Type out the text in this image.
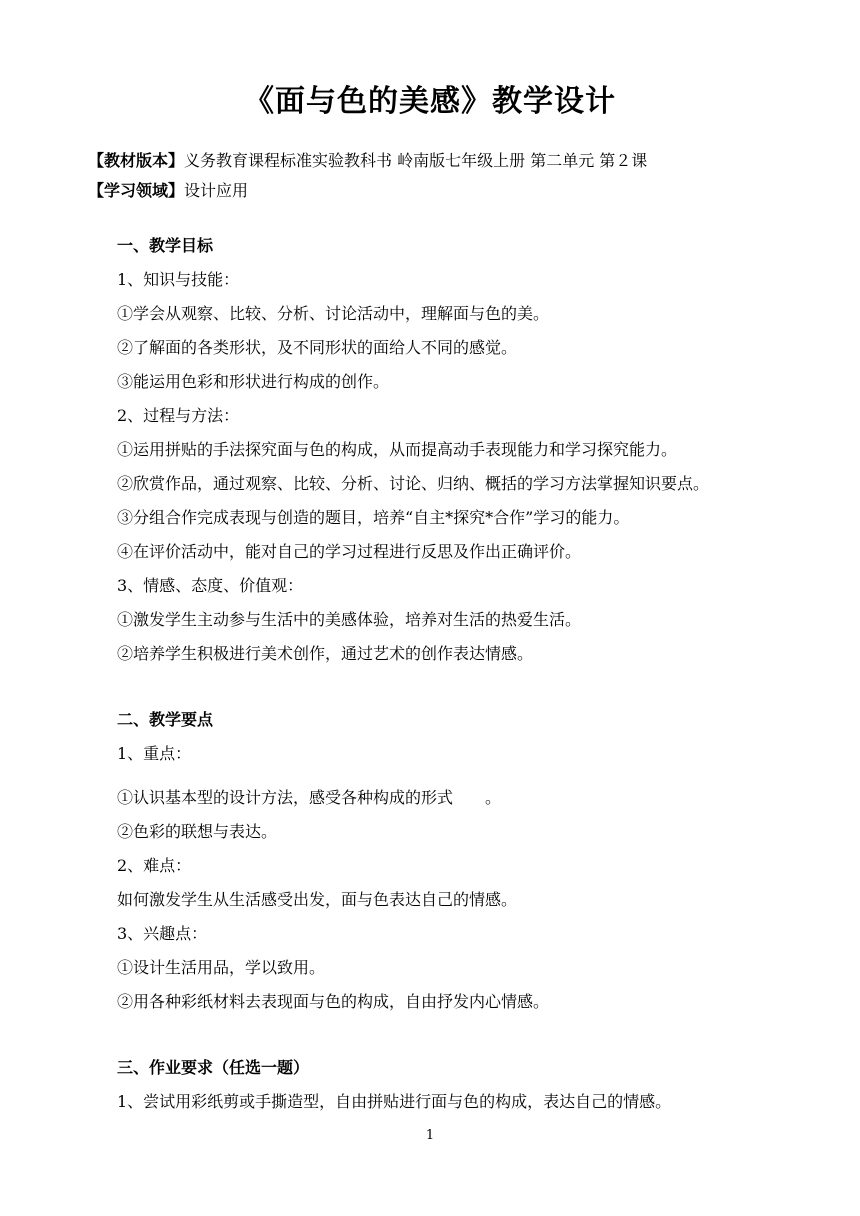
《面与色的美感》教学设计
【教材版本】义务教育课程标准实验教科书 岭南版七年级上册 第二单元 第２课
【学习领域】设计应用
一、教学目标
1、知识与技能：
①学会从观察、比较、分析、讨论活动中，理解面与色的美。
②了解面的各类形状，及不同形状的面给人不同的感觉。
③能运用色彩和形状进行构成的创作。
2、过程与方法：
①运用拼贴的手法探究面与色的构成，从而提高动手表现能力和学习探究能力。
②欣赏作品，通过观察、比较、分析、讨论、归纳、概括的学习方法掌握知识要点。
③分组合作完成表现与创造的题目，培养“自主*探究*合作”学习的能力。
④在评价活动中，能对自己的学习过程进行反思及作出正确评价。
3、情感、态度、价值观：
①激发学生主动参与生活中的美感体验，培养对生活的热爱生活。
②培养学生积极进行美术创作，通过艺术的创作表达情感。
二、教学要点
1、重点：
①认识基本型的设计方法，感受各种构成的形式　　。
②色彩的联想与表达。
2、难点：
如何激发学生从生活感受出发，面与色表达自己的情感。
3、兴趣点：
①设计生活用品，学以致用。
②用各种彩纸材料去表现面与色的构成，自由抒发内心情感。
三、作业要求（任选一题）
1、尝试用彩纸剪或手撕造型，自由拼贴进行面与色的构成，表达自己的情感。
1
